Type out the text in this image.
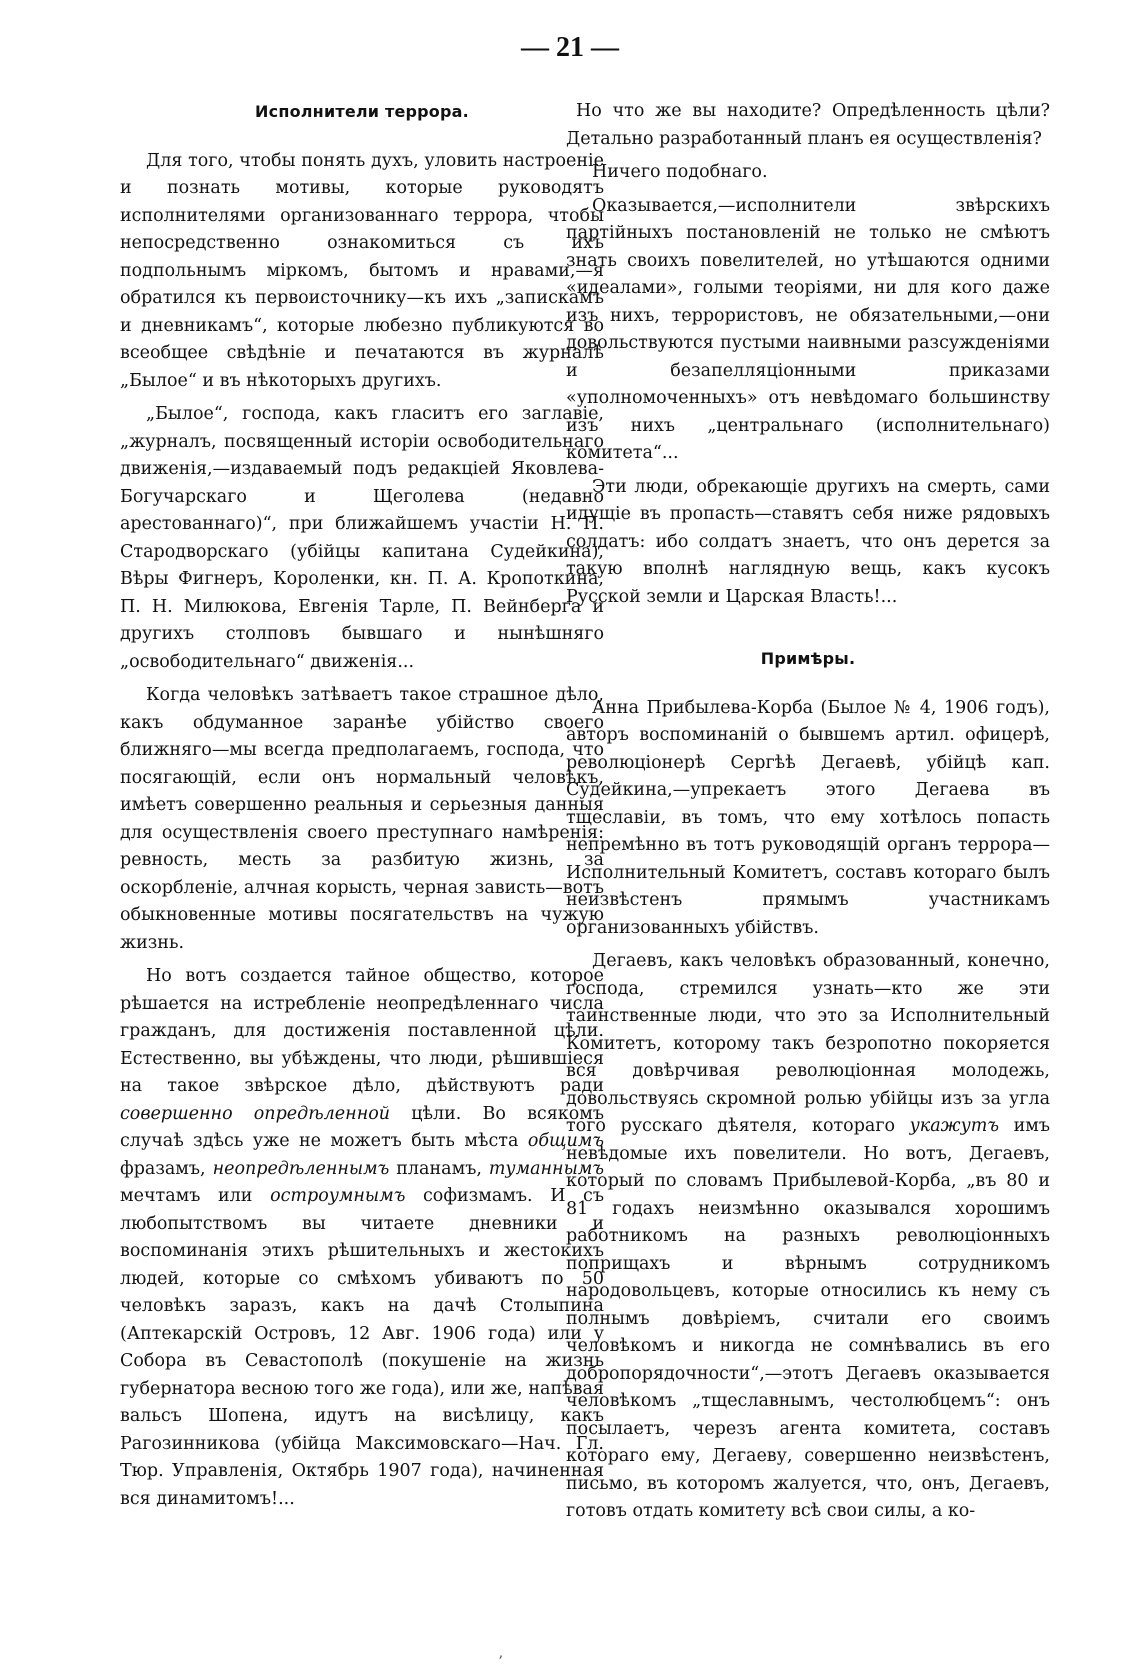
— 21 —
Исполнители террора.

Для того, чтобы понять духъ, уловить настроеніе и познать мотивы, которые руководятъ исполнителями организованнаго террора, чтобы непосредственно ознакомиться съ ихъ подпольнымъ міркомъ, бытомъ и нравами,—я обратился къ первоисточнику—къ ихъ „запискамъ и дневникамъ“, которые любезно публикуются во всеобщее свѣдѣніе и печатаются въ журналѣ „Былое“ и въ нѣкоторыхъ другихъ.

„Былое“, господа, какъ гласитъ его заглавіе, „журналъ, посвященный исторіи освободительнаго движенія,—издаваемый подъ редакціей Яковлева-Богучарскаго и Щеголева (недавно арестованнаго)“, при ближайшемъ участіи Н. П. Стародворскаго (убійцы капитана Судейкина), Вѣры Фигнеръ, Короленки, кн. П. А. Кропоткина, П. Н. Милюкова, Евгенія Тарле, П. Вейнберга и другихъ столповъ бывшаго и нынѣшняго „освободительнаго“ движенія...

Когда человѣкъ затѣваетъ такое страшное дѣло, какъ обдуманное заранѣе убійство своего ближняго—мы всегда предполагаемъ, господа, что посягающій, если онъ нормальный человѣкъ, имѣетъ совершенно реальныя и серьезныя данныя для осуществленія своего преступнаго намѣренія: ревность, месть за разбитую жизнь, за оскорбленіе, алчная корысть, черная зависть—вотъ обыкновенные мотивы посягательствъ на чужую жизнь.

Но вотъ создается тайное общество, которое рѣшается на истребленіе неопредѣленнаго числа гражданъ, для достиженія поставленной цѣли. Естественно, вы убѣждены, что люди, рѣшившіеся на такое звѣрское дѣло, дѣйствуютъ ради совершенно опредѣленной цѣли. Во всякомъ случаѣ здѣсь уже не можетъ быть мѣста общимъ фразамъ, неопредѣленнымъ планамъ, туманнымъ мечтамъ или остроумнымъ софизмамъ. И съ любопытствомъ вы читаете дневники и воспоминанія этихъ рѣшительныхъ и жестокихъ людей, которые со смѣхомъ убиваютъ по 50 человѣкъ заразъ, какъ на дачѣ Столыпина (Аптекарскій Островъ, 12 Авг. 1906 года) или у Собора въ Севастополѣ (покушеніе на жизнь губернатора весною того же года), или же, напѣвая вальсъ Шопена, идутъ на висѣлицу, какъ Рагозинникова (убійца Максимовскаго—Нач. Гл. Тюр. Управленія, Октябрь 1907 года), начиненная вся динамитомъ!...

Но что же вы находите? Опредѣленность цѣли? Детально разработанный планъ ея осуществленія?

Ничего подобнаго.

Оказывается,—исполнители звѣрскихъ партійныхъ постановленій не только не смѣютъ знать своихъ повелителей, но утѣшаются одними «идеалами», голыми теоріями, ни для кого даже изъ нихъ, террористовъ, не обязательными,—они довольствуются пустыми наивными разсужденіями и безапелляціонными приказами «уполномоченныхъ» отъ невѣдомаго большинству изъ нихъ „центральнаго (исполнительнаго) комитета“...

Эти люди, обрекающіе другихъ на смерть, сами идущіе въ пропасть—ставятъ себя ниже рядовыхъ солдатъ: ибо солдатъ знаетъ, что онъ дерется за такую вполнѣ наглядную вещь, какъ кусокъ Русской земли и Царская Власть!...

Примѣры.

Анна Прибылева-Корба (Былое № 4, 1906 годъ), авторъ воспоминаній о бывшемъ артил. офицерѣ, революціонерѣ Сергѣѣ Дегаевѣ, убійцѣ кап. Судейкина,—упрекаетъ этого Дегаева въ тщеславіи, въ томъ, что ему хотѣлось попасть непремѣнно въ тотъ руководящій органъ террора—Исполнительный Комитетъ, составъ котораго былъ неизвѣстенъ прямымъ участникамъ организованныхъ убійствъ.

Дегаевъ, какъ человѣкъ образованный, конечно, господа, стремился узнать—кто же эти таинственные люди, что это за Исполнительный Комитетъ, которому такъ безропотно покоряется вся довѣрчивая революціонная молодежь, довольствуясь скромной ролью убійцы изъ за угла того русскаго дѣятеля, котораго укажутъ имъ невѣдомые ихъ повелители. Но вотъ, Дегаевъ, который по словамъ Прибылевой-Корба, „въ 80 и 81 годахъ неизмѣнно оказывался хорошимъ работникомъ на разныхъ революціонныхъ поприщахъ и вѣрнымъ сотрудникомъ народовольцевъ, которые относились къ нему съ полнымъ довѣріемъ, считали его своимъ человѣкомъ и никогда не сомнѣвались въ его добропорядочности“,—этотъ Дегаевъ оказывается человѣкомъ „тщеславнымъ, честолюбцемъ“: онъ посылаетъ, черезъ агента комитета, составъ котораго ему, Дегаеву, совершенно неизвѣстенъ, письмо, въ которомъ жалуется, что, онъ, Дегаевъ, готовъ отдать комитету всѣ свои силы, а ко-

ʼ
